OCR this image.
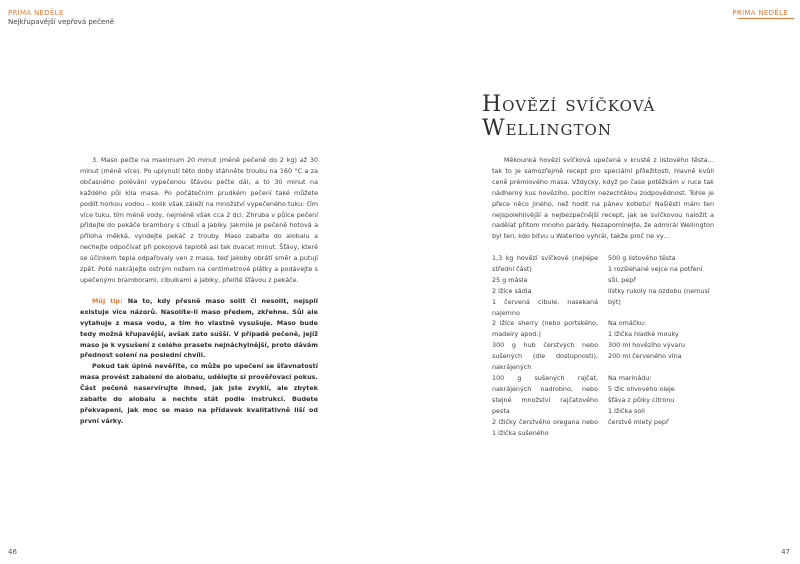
PRIMA NEDĚLE
Nejkřupavější vepřová pečeně

3. Maso pečte na maximum 20 minut (méně pečeně do 2 kg) až 30 minut (méně více). Po uplynutí této doby stáhněte troubu na 160 °C a za občasného polévání vypečenou šťávou pečte dál, a to 30 minut na každého půl kila masa. Po počátečním prudkém pečení také můžete podlít horkou vodou – kolik však záleží na množství vypečeného tuku: čím více tuku, tím méně vody, nejméně však cca 2 dcl. Zhruba v půlce pečení přidejte do pekáče brambory s cibulí a jablky. Jakmile je pečeně hotová a příloha měkká, vyndejte pekáč z trouby. Maso zabalte do alobalu a nechejte odpočívat při pokojové teplotě asi tak dvacet minut. Šťávy, které se účinkem tepla odpařovaly ven z masa, teď jakoby obrátí směr a putují zpět. Poté nakrájejte ostrým nožem na centimetrové plátky a podávejte s upečenými bramborami, cibulkami a jablky, přelité šťávou z pekáče.

Můj tip: Na to, kdy přesně maso solit či nesolit, nejsplí existuje více názorů. Nasolíte-li maso předem, zkřehne. Sůl ale vytahuje z masa vodu, a tím ho vlastně vysušuje. Maso bude tedy možná křupavější, avšak zato sušší. V případě pečeně, jejíž maso je k vysušení z celého prasete nejnáchylnější, proto dávám přednost solení na poslední chvíli.

Pokud tak úplně nevěříte, co může po upečení se šťavnatostí masa provést zabalení do alobalu, udělejte si prověřovací pokus. Část pečeně naservírujte ihned, jak jste zvyklí, ale zbytek zabalte do alobalu a nechte stát podle instrukcí. Budete překvapeni, jak moc se maso na přídavek kvalitativně liší od první várky.

46
PRIMA NEDĚLE
Hovězí svíčková
Wellington

Měkounká hovězí svíčková upečená v krustě z listového těsta… tak to je samozřejmě recept pro speciální příležitosti, hlavně kvůli ceně prémiového masa. Vždycky, když po čase potěžkám v ruce tak nádherný kus hovězího, pocítím nezechtělou zodpovědnost. Tohle je přece něco jiného, než hodit na pánev kotletu! Našlěsti mám ten nejspolehlivější a nejbezpečnější recept, jak se svíčkovou naložit a nadělat přitom mnoho parády. Nezapomínejte, že admirál Wellington byl ten, kdo bitvu u Waterloo vyhrál, takže proč ne vy…

1,3 kg hovězí svíčkové (nejlépe střední část)
25 g másla
2 lžíce sádla
1 červená cibule, nasekaná najemno
2 lžíce sherry (nebo portského, madeiry apod.)
300 g hub čerstvých nebo sušených (dle dostupnosti), nakrájených
100 g sušených rajčat, nakrájených nadrobno, nebo stejné množství rajčatového pesta
2 lžičky čerstvého oregana nebo 1 lžička sušeného
500 g listového těsta
1 rozšlehané vejce na potření
sůl, pepř
lístky rukoly na ozdobu (nemusí být)
Na omáčku:
1 lžička hladké mouky
300 ml hovězího vývaru
200 ml červeného vína
Na marinádu:
5 lžic olivového oleje
šťáva z půlky citronu
1 lžička soli
čerstvě mletý pepř
47
